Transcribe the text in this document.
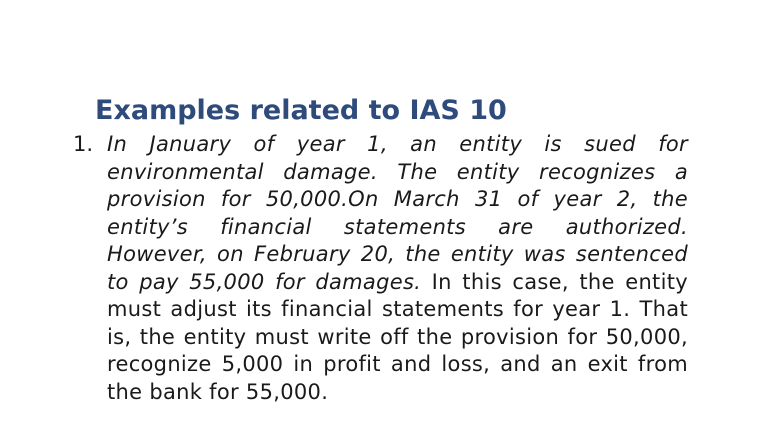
Examples related to IAS 10
1. In January of year 1, an entity is sued for environmental damage. The entity recognizes a provision for 50,000.On March 31 of year 2, the entity’s financial statements are authorized. However, on February 20, the entity was sentenced to pay 55,000 for damages. In this case, the entity must adjust its financial statements for year 1. That is, the entity must write off the provision for 50,000, recognize 5,000 in profit and loss, and an exit from the bank for 55,000.
